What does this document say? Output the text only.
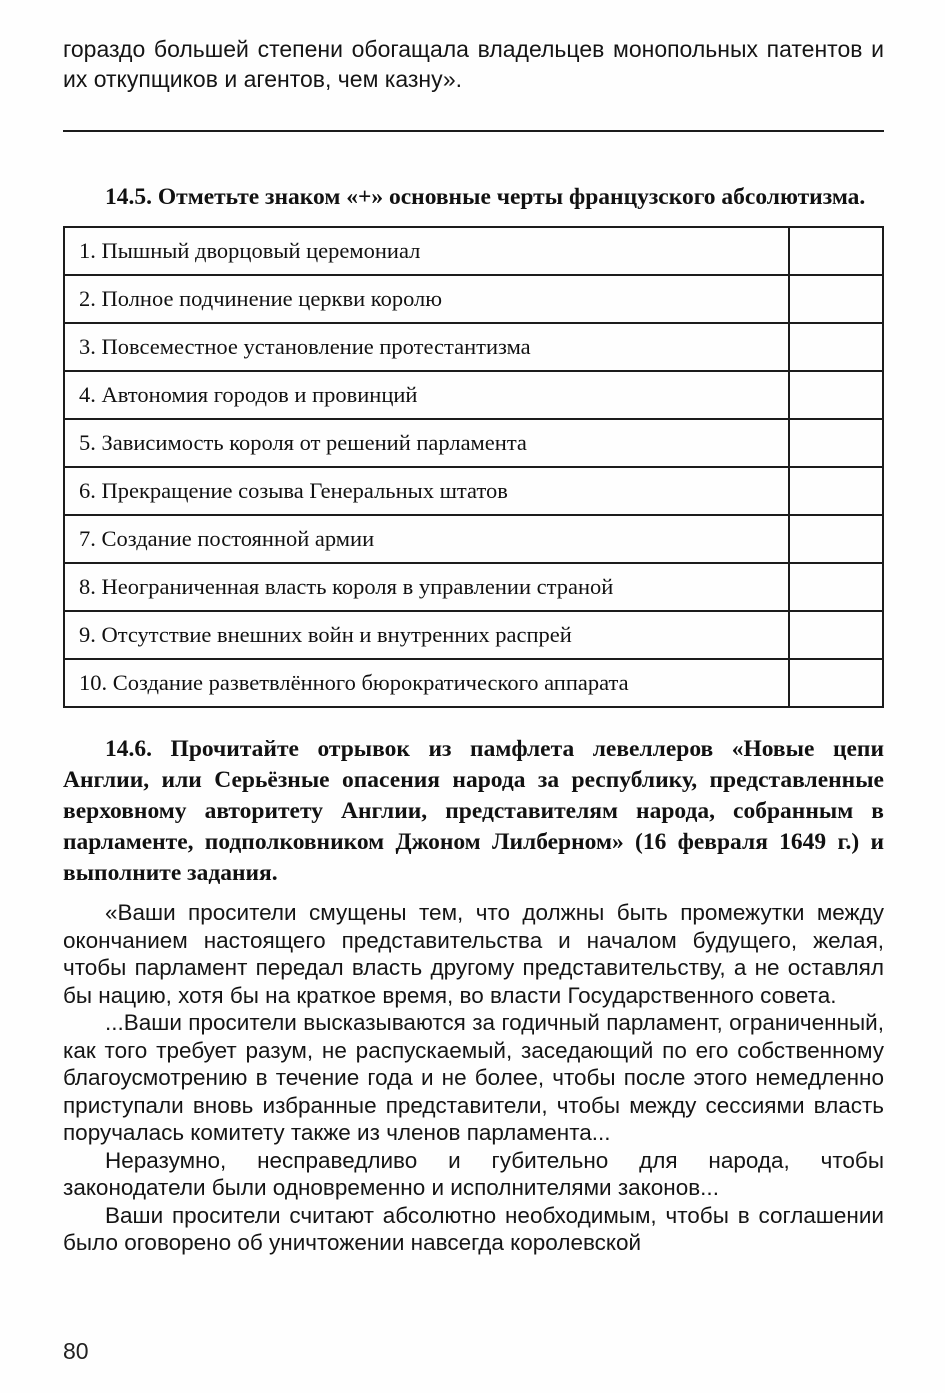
гораздо большей степени обогащала владельцев монопольных патентов и их откупщиков и агентов, чем казну».

14.5. Отметьте знаком «+» основные черты французского абсолютизма.
1. Пышный дворцовый церемониал	
2. Полное подчинение церкви королю	
3. Повсеместное установление протестантизма	
4. Автономия городов и провинций	
5. Зависимость короля от решений парламента	
6. Прекращение созыва Генеральных штатов	
7. Создание постоянной армии	
8. Неограниченная власть короля в управлении страной	
9. Отсутствие внешних войн и внутренних распрей	
10. Создание разветвлённого бюрократического аппарата	
14.6. Прочитайте отрывок из памфлета левеллеров «Новые цепи Англии, или Серьёзные опасения народа за республику, представленные верховному авторитету Англии, представителям народа, собранным в парламенте, подполковником Джоном Лилберном» (16 февраля 1649 г.) и выполните задания.

«Ваши просители смущены тем, что должны быть промежутки между окончанием настоящего представительства и началом будущего, желая, чтобы парламент передал власть другому представительству, а не оставлял бы нацию, хотя бы на краткое время, во власти Государственного совета.

...Ваши просители высказываются за годичный парламент, ограниченный, как того требует разум, не распускаемый, заседающий по его собственному благоусмотрению в течение года и не более, чтобы после этого немедленно приступали вновь избранные представители, чтобы между сессиями власть поручалась комитету также из членов парламента...

Неразумно, несправедливо и губительно для народа, чтобы законодатели были одновременно и исполнителями законов...

Ваши просители считают абсолютно необходимым, чтобы в соглашении было оговорено об уничтожении навсегда королевской

80
